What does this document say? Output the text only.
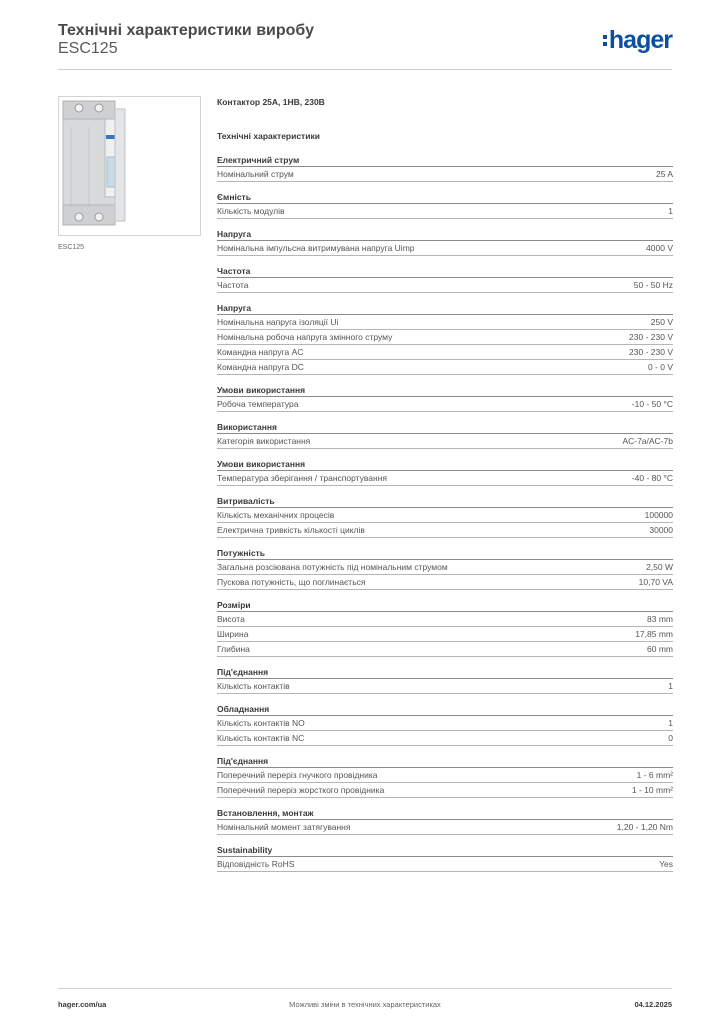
Технічні характеристики виробу
ESC125	hager
ESC125
Контактор 25А, 1НВ, 230В
Технічні характеристики
Електричний струм
Номінальний струм	25 A
Ємність
Кількість модулів	1
Напруга
Номінальна імпульсна витримувана напруга Uimp	4000 V
Частота
Частота	50 - 50 Hz
Напруга
Номінальна напруга ізоляції Ui	250 V
Номінальна робоча напруга змінного струму	230 - 230 V
Командна напруга AC	230 - 230 V
Командна напруга DC	0 - 0 V
Умови використання
Робоча температура	-10 - 50 °C
Використання
Категорія використання	AC-7a/AC-7b
Умови використання
Температура зберігання / транспортування	-40 - 80 °C
Витривалість
Кількість механічних процесів	100000
Електрична тривкість кількості циклів	30000
Потужність
Загальна розсіювана потужність під номінальним струмом	2,50 W
Пускова потужність, що поглинається	10,70 VA
Розміри
Висота	83 mm
Ширина	17,85 mm
Глибина	60 mm
Під'єднання
Кількість контактів	1
Обладнання
Кількість контактів NO	1
Кількість контактів NC	0
Під'єднання
Поперечний переріз гнучкого провідника	1 - 6 mm²
Поперечний переріз жорсткого провідника	1 - 10 mm²
Встановлення, монтаж
Номінальний момент затягування	1,20 - 1,20 Nm
Sustainability
Відповідність RoHS	Yes
hager.com/ua	Можливі зміни в технічних характеристиках	04.12.2025
